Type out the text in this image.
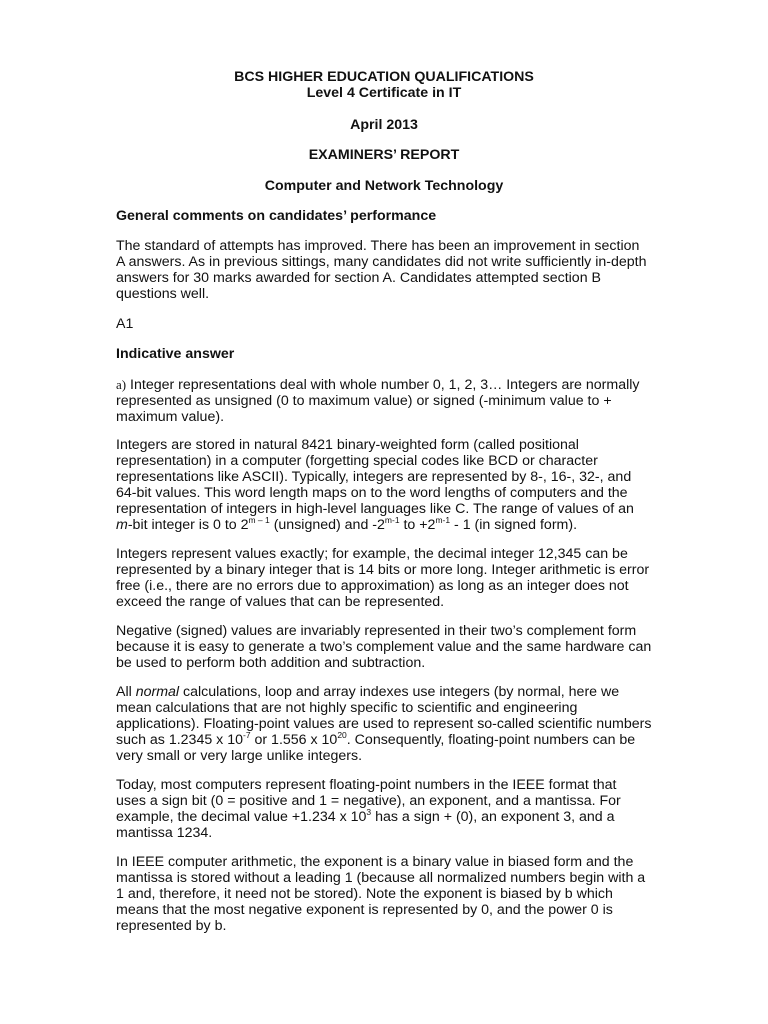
BCS HIGHER EDUCATION QUALIFICATIONS
Level 4 Certificate in IT
April 2013
EXAMINERS’ REPORT
Computer and Network Technology
General comments on candidates’ performance
The standard of attempts has improved. There has been an improvement in section
A answers. As in previous sittings, many candidates did not write sufficiently in-depth
answers for 30 marks awarded for section A. Candidates attempted section B
questions well.
A1
Indicative answer
a) Integer representations deal with whole number 0, 1, 2, 3… Integers are normally
represented as unsigned (0 to maximum value) or signed (-minimum value to +
maximum value).
Integers are stored in natural 8421 binary-weighted form (called positional
representation) in a computer (forgetting special codes like BCD or character
representations like ASCII). Typically, integers are represented by 8-, 16-, 32-, and
64-bit values. This word length maps on to the word lengths of computers and the
representation of integers in high-level languages like C. The range of values of an
m-bit integer is 0 to 2$^{m - 1}$ (unsigned) and -2$^{m-1}$ to $+2^{m-1} - 1$ (in signed form).
Integers represent values exactly; for example, the decimal integer 12,345 can be
represented by a binary integer that is 14 bits or more long. Integer arithmetic is error
free (i.e., there are no errors due to approximation) as long as an integer does not
exceed the range of values that can be represented.
Negative (signed) values are invariably represented in their two’s complement form
because it is easy to generate a two’s complement value and the same hardware can
be used to perform both addition and subtraction.
All normal calculations, loop and array indexes use integers (by normal, here we
mean calculations that are not highly specific to scientific and engineering
applications). Floating-point values are used to represent so-called scientific numbers
such as 1.2345 x $10^{-7}$ or 1.556 x $10^{20}$. Consequently, floating-point numbers can be
very small or very large unlike integers.
Today, most computers represent floating-point numbers in the IEEE format that
uses a sign bit (0 = positive and 1 = negative), an exponent, and a mantissa. For
example, the decimal value +1.234 x $10^3$ has a sign + (0), an exponent 3, and a
mantissa 1234.
In IEEE computer arithmetic, the exponent is a binary value in biased form and the
mantissa is stored without a leading 1 (because all normalized numbers begin with a
1 and, therefore, it need not be stored). Note the exponent is biased by b which
means that the most negative exponent is represented by 0, and the power 0 is
represented by b.
